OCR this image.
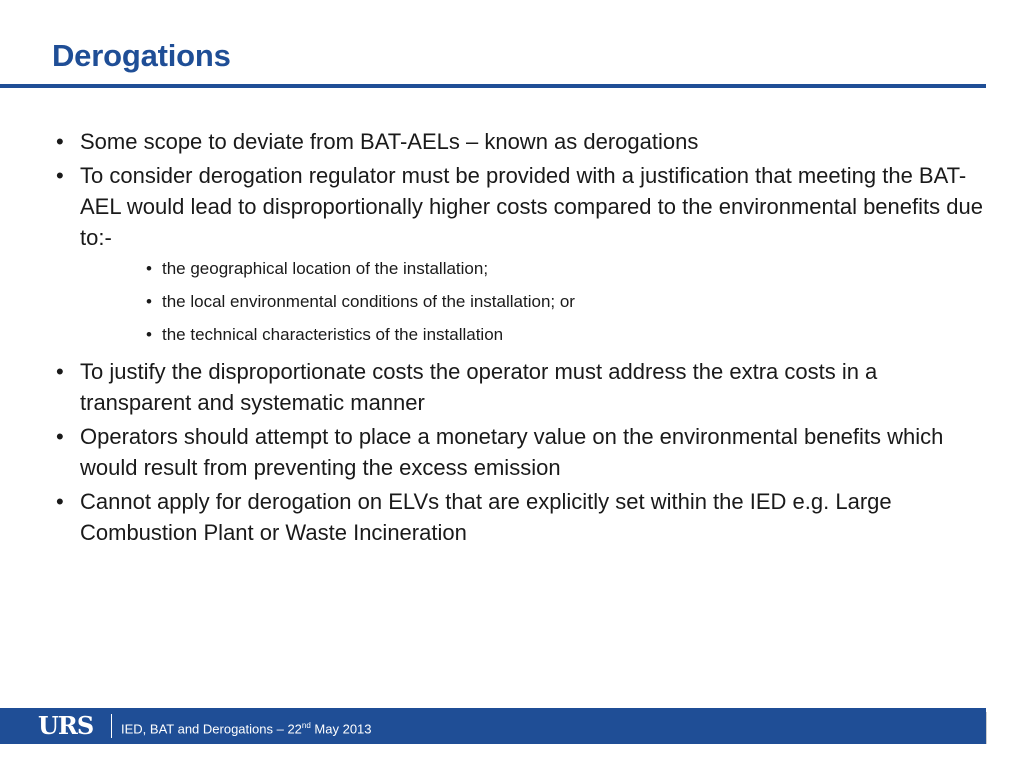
Derogations
• Some scope to deviate from BAT-AELs – known as derogations
• To consider derogation regulator must be provided with a justification that meeting the BAT-AEL would lead to disproportionally higher costs compared to the environmental benefits due to:-
• the geographical location of the installation;
• the local environmental conditions of the installation; or
• the technical characteristics of the installation
• To justify the disproportionate costs the operator must address the extra costs in a transparent and systematic manner
• Operators should attempt to place a monetary value on the environmental benefits which would result from preventing the excess emission
• Cannot apply for derogation on ELVs that are explicitly set within the IED e.g. Large Combustion Plant or Waste Incineration
URS IED, BAT and Derogations – 22nd May 2013
